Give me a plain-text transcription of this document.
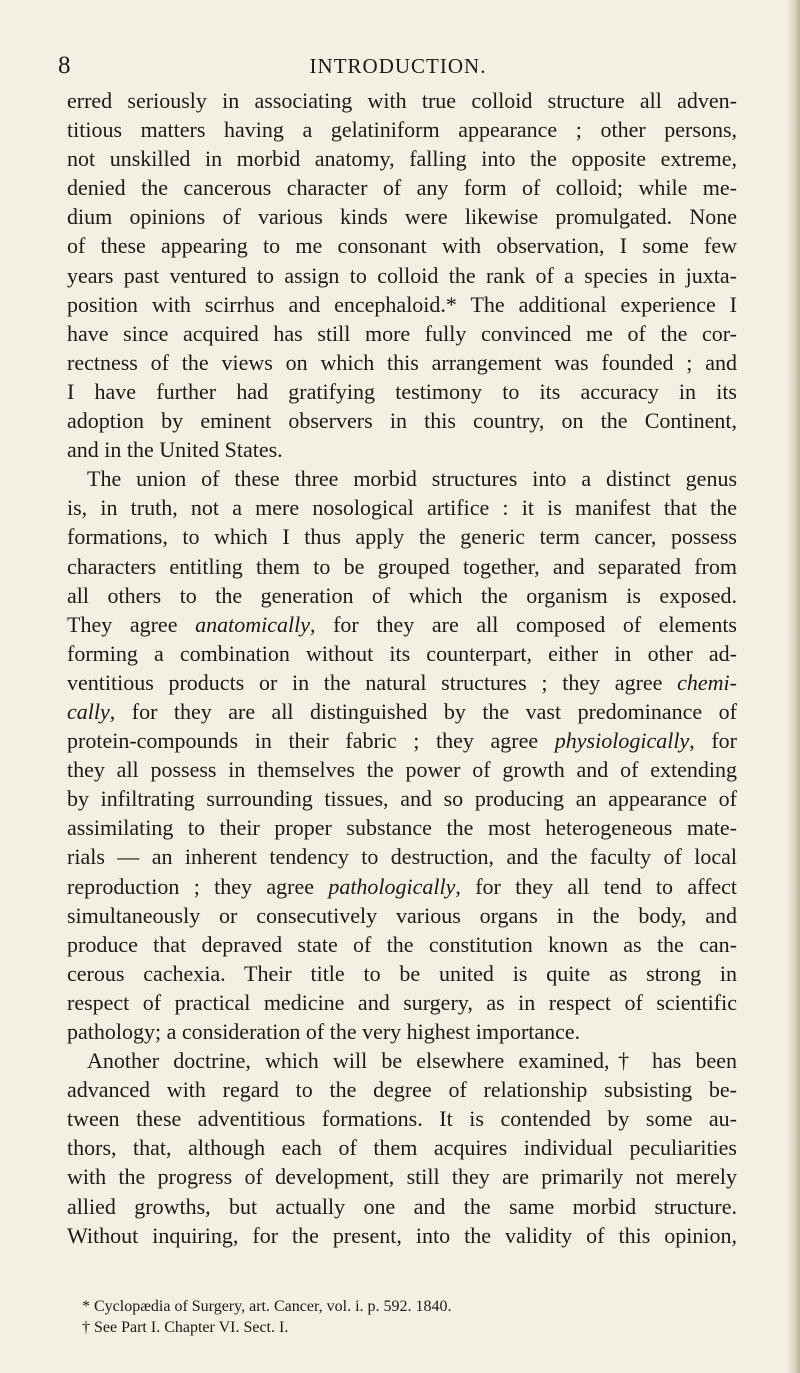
8	INTRODUCTION.

erred seriously in associating with true colloid structure all adven-
titious matters having a gelatiniform appearance ; other persons,
not unskilled in morbid anatomy, falling into the opposite extreme,
denied the cancerous character of any form of colloid; while me-
dium opinions of various kinds were likewise promulgated. None
of these appearing to me consonant with observation, I some few
years past ventured to assign to colloid the rank of a species in juxta-
position with scirrhus and encephaloid.* The additional experience I
have since acquired has still more fully convinced me of the cor-
rectness of the views on which this arrangement was founded ; and
I have further had gratifying testimony to its accuracy in its
adoption by eminent observers in this country, on the Continent,
and in the United States.

The union of these three morbid structures into a distinct genus
is, in truth, not a mere nosological artifice : it is manifest that the
formations, to which I thus apply the generic term cancer, possess
characters entitling them to be grouped together, and separated from
all others to the generation of which the organism is exposed.
They agree anatomically, for they are all composed of elements
forming a combination without its counterpart, either in other ad-
ventitious products or in the natural structures ; they agree chemi-
cally, for they are all distinguished by the vast predominance of
protein-compounds in their fabric ; they agree physiologically, for
they all possess in themselves the power of growth and of extending
by infiltrating surrounding tissues, and so producing an appearance of
assimilating to their proper substance the most heterogeneous mate-
rials — an inherent tendency to destruction, and the faculty of local
reproduction ; they agree pathologically, for they all tend to affect
simultaneously or consecutively various organs in the body, and
produce that depraved state of the constitution known as the can-
cerous cachexia. Their title to be united is quite as strong in
respect of practical medicine and surgery, as in respect of scientific
pathology; a consideration of the very highest importance.

Another doctrine, which will be elsewhere examined,† has been
advanced with regard to the degree of relationship subsisting be-
tween these adventitious formations. It is contended by some au-
thors, that, although each of them acquires individual peculiarities
with the progress of development, still they are primarily not merely
allied growths, but actually one and the same morbid structure.
Without inquiring, for the present, into the validity of this opinion,

* Cyclopædia of Surgery, art. Cancer, vol. i. p. 592. 1840.
† See Part I. Chapter VI. Sect. I.
